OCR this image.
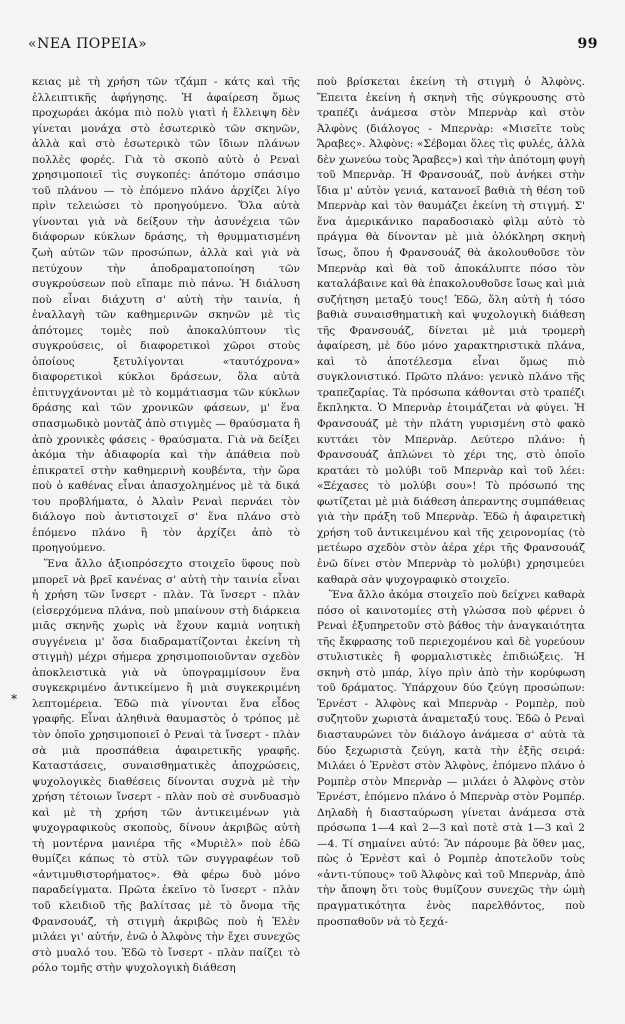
«ΝΕΑ ΠΟΡΕΙΑ»	99

κειας μὲ τὴ χρήση τῶν τζάμπ - κάτς καὶ τῆς ἐλλειπτικῆς ἀφήγησης. Ἡ ἀφαίρεση ὅμως προχωράει ἀκόμα πιὸ πολὺ γιατὶ ἡ ἔλλειψη δὲν γίνεται μονάχα στὸ ἐσωτερικὸ τῶν σκηνῶν, ἀλλὰ καὶ στὸ ἐσωτερικὸ τῶν ἴδιων πλάνων πολλὲς φορές. Γιὰ τὸ σκοπὸ αὐτὸ ὁ Ρεναὶ χρησιμοποιεῖ τὶς συγκοπές: ἀπότομο σπάσιμο τοῦ πλάνου — τὸ ἑπόμενο πλάνο ἀρχίζει λίγο πρὶν τελειώσει τὸ προηγούμενο. Ὅλα αὐτὰ γίνονται γιὰ νὰ δείξουν τὴν ἀσυνέχεια τῶν διάφορων κύκλων δράσης, τὴ θρυμματισμένη ζωὴ αὐτῶν τῶν προσώπων, ἀλλὰ καὶ γιὰ νὰ πετύχουν τὴν ἀποδραματοποίηση τῶν συγκρούσεων ποὺ εἴπαμε πιὸ πάνω. Ἡ διάλυση ποὺ εἶναι διάχυτη σ' αὐτὴ τὴν ταινία, ἡ ἐναλλαγὴ τῶν καθημερινῶν σκηνῶν μὲ τὶς ἀπότομες τομὲς ποὺ ἀποκαλύπτουν τὶς συγκρούσεις, οἱ διαφορετικοὶ χῶροι στοὺς ὁποίους ξετυλίγονται «ταυτόχρονα» διαφορετικοὶ κύκλοι δράσεων, ὅλα αὐτὰ ἐπιτυγχάνονται μὲ τὸ κομμάτιασμα τῶν κύκλων δράσης καὶ τῶν χρονικῶν φάσεων, μ' ἕνα σπασμωδικὸ μοντὰζ ἀπὸ στιγμὲς — θραύσματα ἢ ἀπὸ χρονικὲς φάσεις - θραύσματα. Γιὰ νὰ δείξει ἀκόμα τὴν ἀδιαφορία καὶ τὴν ἀπάθεια ποὺ ἐπικρατεῖ στὴν καθημερινὴ κουβέντα, τὴν ὥρα ποὺ ὁ καθένας εἶναι ἀπασχολημένος μὲ τὰ δικά του προβλήματα, ὁ Ἀλαὶν Ρεναὶ περνάει τὸν διάλογο ποὺ ἀντιστοιχεῖ σ' ἕνα πλάνο στὸ ἑπόμενο πλάνο ἢ τὸν ἀρχίζει ἀπὸ τὸ προηγούμενο.

Ἕνα ἄλλο ἀξιοπρόσεχτο στοιχεῖο ὕφους ποὺ μπορεῖ νὰ βρεῖ κανένας σ' αὐτὴ τὴν ταινία εἶναι ἡ χρήση τῶν ἴνσερτ - πλὰν. Τὰ ἴνσερτ - πλὰν (εἰσερχόμενα πλάνα, ποὺ μπαίνουν στὴ διάρκεια μιᾶς σκηνῆς χωρὶς νὰ ἔχουν καμιὰ νοητικὴ συγγένεια μ' ὅσα διαδραματίζονται ἐκείνη τὴ στιγμὴ) μέχρι σήμερα χρησιμοποιοῦνταν σχεδὸν ἀποκλειστικὰ γιὰ νὰ ὑπογραμμίσουν ἕνα συγκεκριμένο ἀντικείμενο ἢ μιὰ συγκεκριμένη λεπτομέρεια. Ἐδῶ πιὰ γίνονται ἕνα εἶδος γραφῆς. Εἶναι ἀληθινὰ θαυμαστὸς ὁ τρόπος μὲ τὸν ὁποῖο χρησιμοποιεῖ ὁ Ρεναὶ τὰ ἴνσερτ - πλὰν σὰ μιὰ προσπάθεια ἀφαιρετικῆς γραφῆς. Καταστάσεις, συναισθηματικὲς ἀποχρώσεις, ψυχολογικὲς διαθέσεις δίνονται συχνὰ μὲ τὴν χρήση τέτοιων ἴνσερτ - πλὰν ποὺ σὲ συνδυασμὸ καὶ μὲ τὴ χρήση τῶν ἀντικειμένων γιὰ ψυχογραφικοὺς σκοποὺς, δίνουν ἀκριβῶς αὐτὴ τὴ μοντέρνα μανιέρα τῆς «Μυριὲλ» ποὺ ἐδῶ θυμίζει κάπως τὸ στὺλ τῶν συγγραφέων τοῦ «ἀντιμυθιστορήματος». Θὰ φέρω δυὸ μόνο παραδείγματα. Πρῶτα ἐκεῖνο τὸ ἴνσερτ - πλὰν τοῦ κλειδιοῦ τῆς βαλίτσας μὲ τὸ ὄνομα τῆς Φρανσουάζ, τὴ στιγμὴ ἀκριβῶς ποὺ ἡ Ἑλὲν μιλάει γι' αὐτήν, ἐνῶ ὁ Ἀλφὸνς τὴν ἔχει συνεχῶς στὸ μυαλό του. Ἐδῶ τὸ ἴνσερτ - πλὰν παίζει τὸ ρόλο τομῆς στὴν ψυχολογικὴ διάθεση

*

ποὺ βρίσκεται ἐκείνη τὴ στιγμὴ ὁ Ἀλφὸνς. Ἔπειτα ἐκείνη ἡ σκηνὴ τῆς σύγκρουσης στὸ τραπέζι ἀνάμεσα στὸν Μπερνὰρ καὶ στὸν Ἀλφὸνς (διάλογος - Μπερνὰρ: «Μισεῖτε τοὺς Ἄραβες». Ἀλφὸνς: «Σέβομαι ὅλες τὶς φυλές, ἀλλὰ δὲν χωνεύω τοὺς Ἄραβες») καὶ τὴν ἀπότομη φυγὴ τοῦ Μπερνὰρ. Ἡ Φρανσουάζ, ποὺ ἀνήκει στὴν ἴδια μ' αὐτὸν γενιά, κατανοεῖ βαθιὰ τὴ θέση τοῦ Μπερνὰρ καὶ τὸν θαυμάζει ἐκείνη τὴ στιγμή. Σ' ἕνα ἀμερικάνικο παραδοσιακὸ φὶλμ αὐτὸ τὸ πράγμα θὰ δίνονταν μὲ μιὰ ὁλόκληρη σκηνὴ ἴσως, ὅπου ἡ Φρανσουάζ θὰ ἀκολουθοῦσε τὸν Μπερνὰρ καὶ θὰ τοῦ ἀποκάλυπτε πόσο τὸν καταλάβαινε καὶ θὰ ἐπακολουθοῦσε ἴσως καὶ μιὰ συζήτηση μεταξύ τους! Ἐδῶ, ὅλη αὐτὴ ἡ τόσο βαθιὰ συναισθηματικὴ καὶ ψυχολογικὴ διάθεση τῆς Φρανσουάζ, δίνεται μὲ μιὰ τρομερὴ ἀφαίρεση, μὲ δύο μόνο χαρακτηριστικὰ πλάνα, καὶ τὸ ἀποτέλεσμα εἶναι ὅμως πιὸ συγκλονιστικό. Πρῶτο πλάνο: γενικὸ πλάνο τῆς τραπεζαρίας. Τὰ πρόσωπα κάθονται στὸ τραπέζι ἔκπληκτα. Ὁ Μπερνὰρ ἑτοιμάζεται νὰ φύγει. Ἡ Φρανσουάζ μὲ τὴν πλάτη γυρισμένη στὸ φακὸ κυττάει τὸν Μπερνὰρ. Δεύτερο πλάνο: ἡ Φρανσουάζ ἁπλώνει τὸ χέρι της, στὸ ὁποῖο κρατάει τὸ μολύβι τοῦ Μπερνὰρ καὶ τοῦ λέει: «Ξέχασες τὸ μολύβι σου»! Τὸ πρόσωπό της φωτίζεται μὲ μιὰ διάθεση ἀπεραντης συμπάθειας γιὰ τὴν πράξη τοῦ Μπερνὰρ. Ἐδῶ ἡ ἀφαιρετικὴ χρήση τοῦ ἀντικειμένου καὶ τῆς χειρονομίας (τὸ μετέωρο σχεδὸν στὸν ἀέρα χέρι τῆς Φρανσουάζ ἐνῶ δίνει στὸν Μπερνὰρ τὸ μολύβι) χρησιμεύει καθαρὰ σὰν ψυχογραφικὸ στοιχεῖο.

Ἕνα ἄλλο ἀκόμα στοιχεῖο ποὺ δείχνει καθαρὰ πόσο οἱ καινοτομίες στὴ γλώσσα ποὺ φέρνει ὁ Ρεναὶ ἐξυπηρετοῦν στὸ βάθος τὴν ἀναγκαιότητα τῆς ἔκφρασης τοῦ περιεχομένου καὶ δὲ γυρεύουν στυλιστικὲς ἢ φορμαλιστικὲς ἐπιδιώξεις. Ἡ σκηνὴ στὸ μπάρ, λίγο πρὶν ἀπὸ τὴν κορύφωση τοῦ δράματος. Ὑπάρχουν δύο ζεύγη προσώπων: Ἐρνέστ - Ἀλφὸνς καὶ Μπερνὰρ - Ρομπὲρ, ποὺ συζητοῦν χωριστὰ ἀναμεταξύ τους. Ἐδῶ ὁ Ρεναὶ διασταυρώνει τὸν διάλογο ἀνάμεσα σ' αὐτὰ τὰ δύο ξεχωριστὰ ζεύγη, κατὰ τὴν ἑξῆς σειρά: Μιλάει ὁ Ἐρνὲστ στὸν Ἀλφὸνς, ἑπόμενο πλάνο ὁ Ρομπὲρ στὸν Μπερνὰρ — μιλάει ὁ Ἀλφὸνς στὸν Ἐρνέστ, ἑπόμενο πλάνο ὁ Μπερνὰρ στὸν Ρομπέρ. Δηλαδὴ ἡ διασταύρωση γίνεται ἀνάμεσα στὰ πρόσωπα 1—4 καὶ 2—3 καὶ ποτὲ στὰ 1—3 καὶ 2—4. Τί σημαίνει αὐτό: Ἂν πάρουμε βὰ ὅθεν μας, πὼς ὁ Ἐρνὲστ καὶ ὁ Ρομπὲρ ἀποτελοῦν τοὺς «ἀντι-τύπους» τοῦ Ἀλφὸνς καὶ τοῦ Μπερνὰρ, ἀπὸ τὴν ἄποψη ὅτι τοὺς θυμίζουν συνεχῶς τὴν ὠμὴ πραγματικότητα ἑνὸς παρελθόντος, ποὺ προσπαθοῦν νὰ τὸ ξεχά-
